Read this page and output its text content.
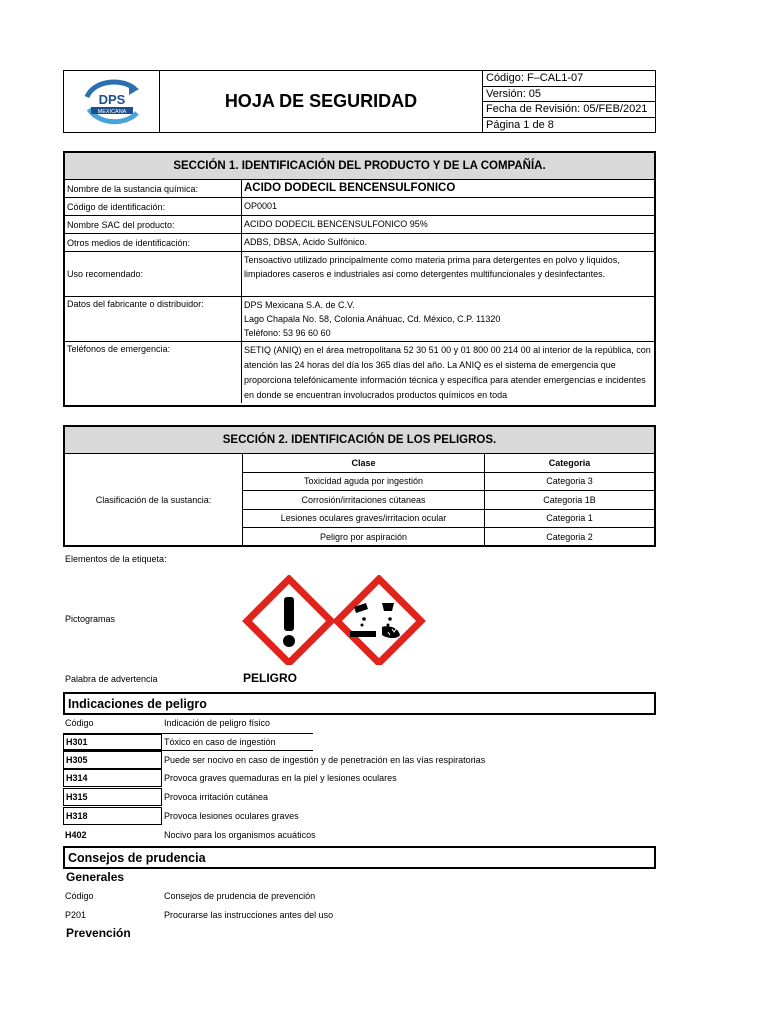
DPS
MEXICANA
HOJA DE SEGURIDAD
Código: F–CAL1-07
Versión: 05
Fecha de Revisión: 05/FEB/2021
Página 1 de 8
SECCIÓN 1. IDENTIFICACIÓN DEL PRODUCTO Y DE LA COMPAÑÍA.
Nombre de la sustancia química:	ACIDO DODECIL BENCENSULFONICO
Código de identificación:	OP0001
Nombre SAC del producto:	ACIDO DODECIL BENCENSULFONICO 95%
Otros medios de identificación:	ADBS, DBSA, Acido Sulfónico.
Uso recomendado:
Tensoactivo utilizado principalmente como materia prima para detergentes en polvo y liquidos, limpiadores caseros e industriales asi como detergentes multifuncionales y desinfectantes.
Datos del fabricante o distribuidor:	DPS Mexicana S.A. de C.V.
Lago Chapala No. 58, Colonia Anáhuac, Cd. México, C.P. 11320
Teléfono: 53 96 60 60
Teléfonos de emergencia:	SETIQ (ANIQ) en el área metropolitana 52 30 51 00 y 01 800 00 214 00 al interior de la república, con atención las 24 horas del día los 365 días del año. La ANIQ es el sistema de emergencia que proporciona telefónicamente información técnica y específica para atender emergencias e incidentes en donde se encuentran involucrados productos químicos en toda
SECCIÓN 2. IDENTIFICACIÓN DE LOS PELIGROS.
Clasificación de la sustancia:
Clase	Categoria
Toxicidad aguda por ingestión	Categoria 3
Corrosión/irritaciones cútaneas	Categoria 1B
Lesiones oculares graves/irritacion ocular	Categoria 1
Peligro por aspiración	Categoria 2
Elementos de la etiqueta:
Pictogramas
Palabra de advertencia	PELIGRO
Indicaciones de peligro
Código	Indicación de peligro físico
H301	Tóxico en caso de ingestión
H305	Puede ser nocivo en caso de ingestión y de penetración en las vías respiratorias
H314	Provoca graves quemaduras en la piel y lesiones oculares
H315	Provoca irritación cutánea
H318	Provoca lesiones oculares graves
H402	Nocivo para los organismos acuáticos
Consejos de prudencia
Generales
Código	Consejos de prudencia de prevención
P201	Procurarse las instrucciones antes del uso
Prevención
